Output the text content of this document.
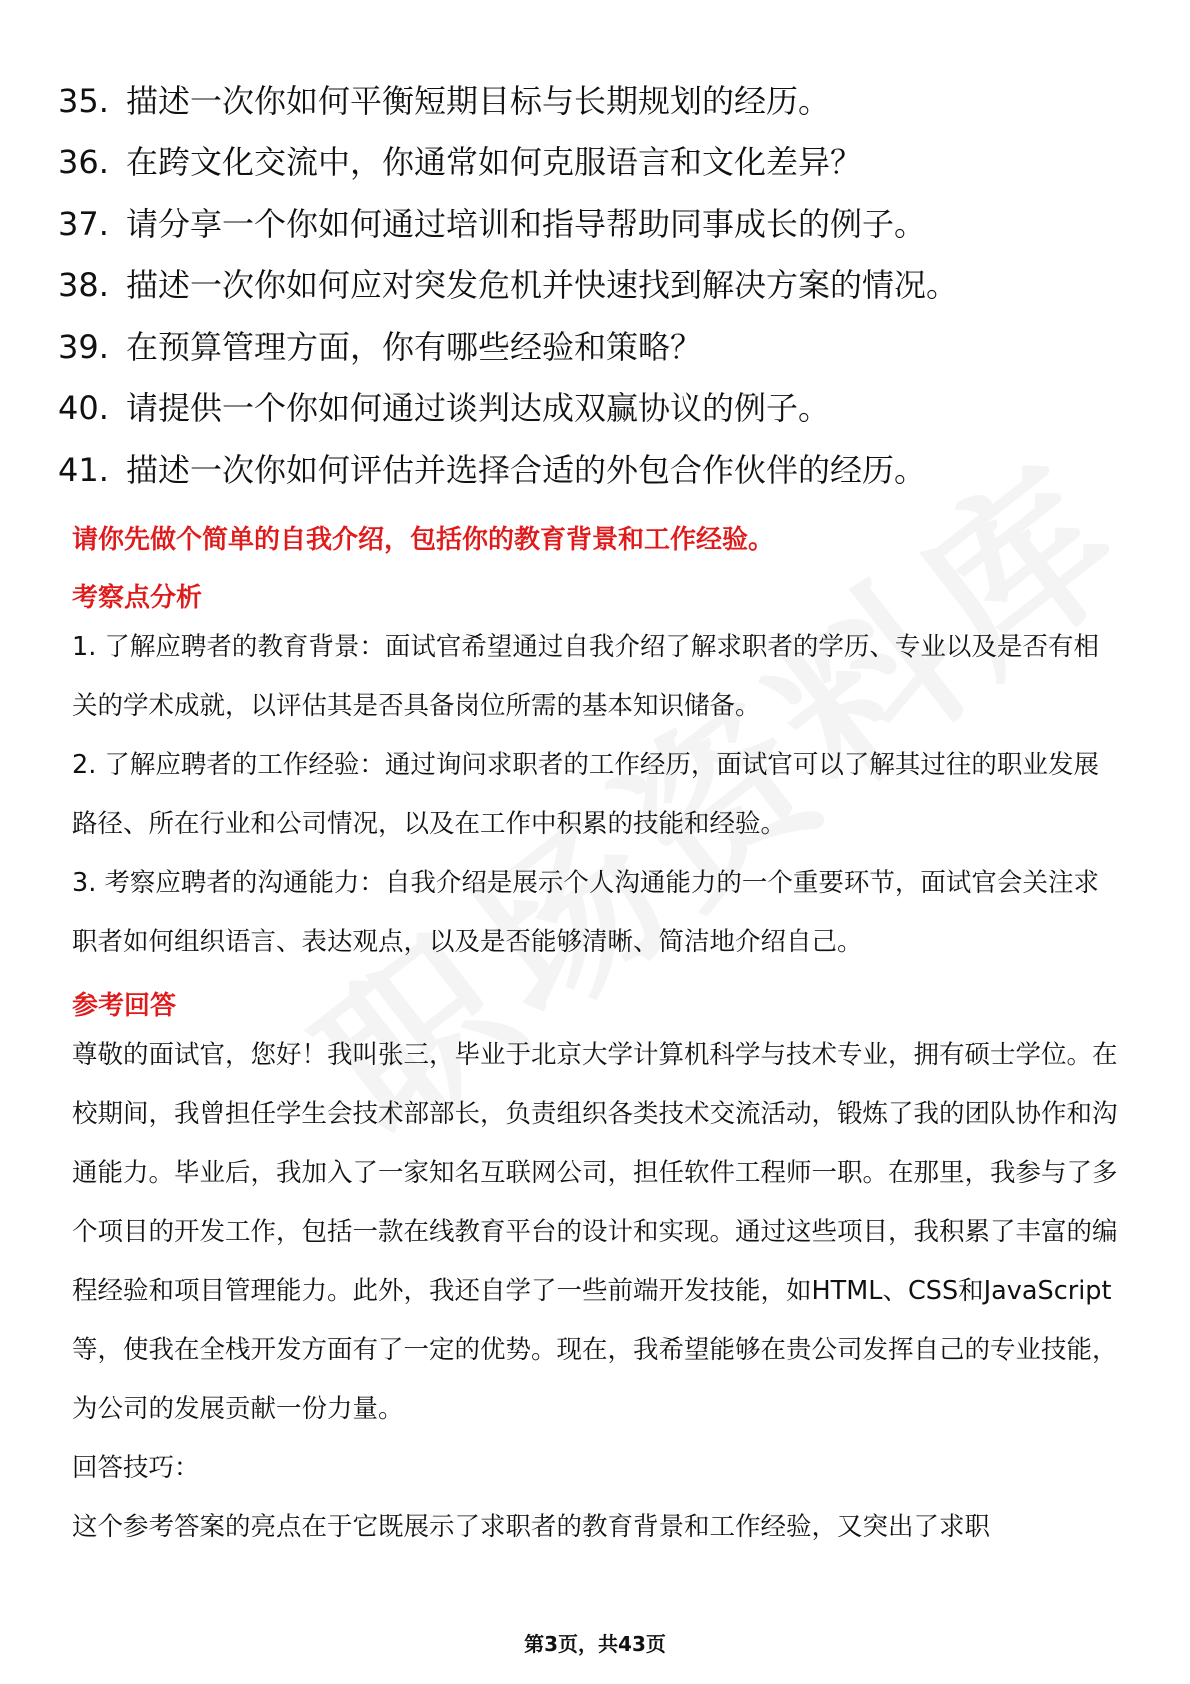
35. 描述一次你如何平衡短期目标与长期规划的经历。
36. 在跨文化交流中，你通常如何克服语言和文化差异？
37. 请分享一个你如何通过培训和指导帮助同事成长的例子。
38. 描述一次你如何应对突发危机并快速找到解决方案的情况。
39. 在预算管理方面，你有哪些经验和策略？
40. 请提供一个你如何通过谈判达成双赢协议的例子。
41. 描述一次你如何评估并选择合适的外包合作伙伴的经历。
请你先做个简单的自我介绍，包括你的教育背景和工作经验。
考察点分析

1. 了解应聘者的教育背景：面试官希望通过自我介绍了解求职者的学历、专业以及是否有相关的学术成就，以评估其是否具备岗位所需的基本知识储备。

2. 了解应聘者的工作经验：通过询问求职者的工作经历，面试官可以了解其过往的职业发展路径、所在行业和公司情况，以及在工作中积累的技能和经验。

3. 考察应聘者的沟通能力：自我介绍是展示个人沟通能力的一个重要环节，面试官会关注求职者如何组织语言、表达观点，以及是否能够清晰、简洁地介绍自己。

参考回答

尊敬的面试官，您好！我叫张三，毕业于北京大学计算机科学与技术专业，拥有硕士学位。在校期间，我曾担任学生会技术部部长，负责组织各类技术交流活动，锻炼了我的团队协作和沟通能力。毕业后，我加入了一家知名互联网公司，担任软件工程师一职。在那里，我参与了多个项目的开发工作，包括一款在线教育平台的设计和实现。通过这些项目，我积累了丰富的编程经验和项目管理能力。此外，我还自学了一些前端开发技能，如HTML、CSS和JavaScript等，使我在全栈开发方面有了一定的优势。现在，我希望能够在贵公司发挥自己的专业技能，为公司的发展贡献一份力量。

回答技巧：

这个参考答案的亮点在于它既展示了求职者的教育背景和工作经验，又突出了求职

第3页，共43页
